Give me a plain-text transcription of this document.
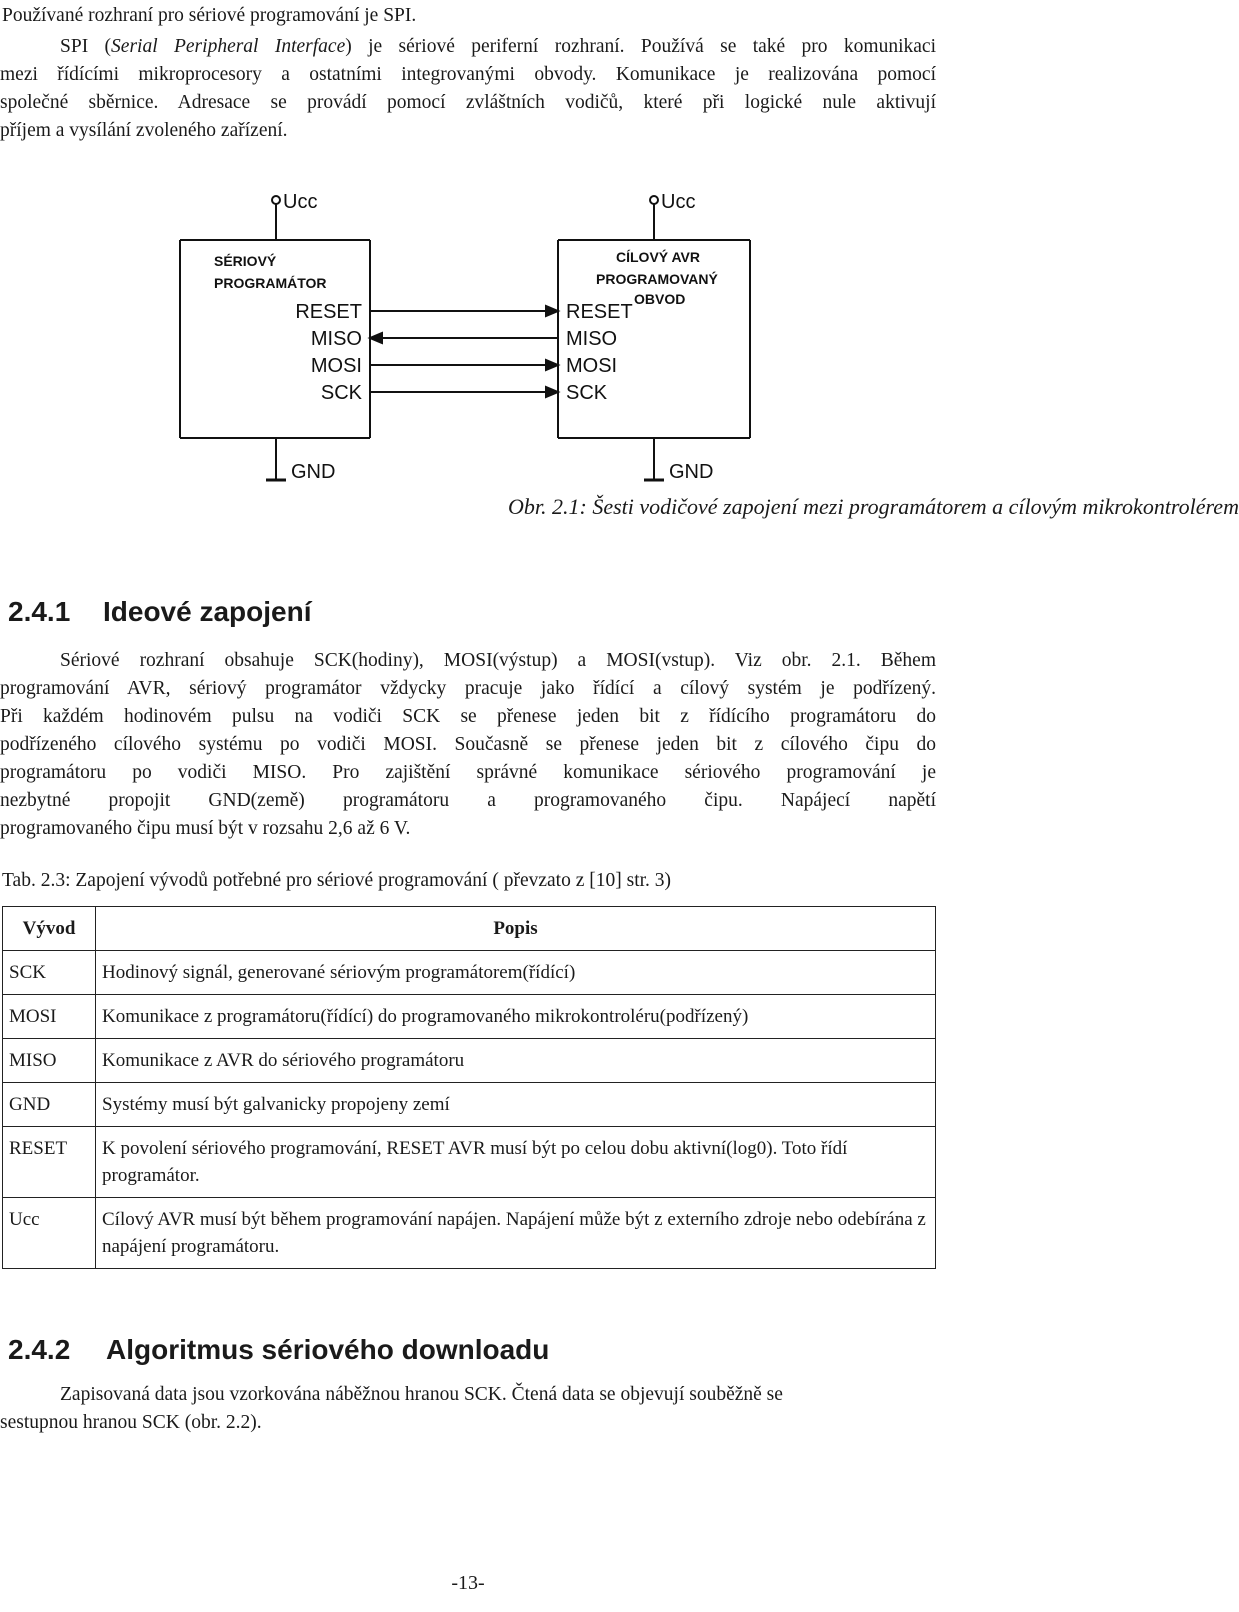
Používané rozhraní pro sériové programování je SPI.
SPI (Serial Peripheral Interface) je sériové periferní rozhraní. Používá se také pro komunikaci
mezi řídícími mikroprocesory a ostatními integrovanými obvody. Komunikace je realizována pomocí
společné sběrnice. Adresace se provádí pomocí zvláštních vodičů, které při logické nule aktivují
příjem a vysílání zvoleného zařízení.
Ucc	Ucc
SÉRIOVÝ
PROGRAMÁTOR
CÍLOVÝ AVR
PROGRAMOVANÝ
OBVOD
RESET
MISO
MOSI
SCK
RESET
MISO
MOSI
SCK
GND	GND
Obr. 2.1: Šesti vodičové zapojení mezi programátorem a cílovým mikrokontrolérem
2.4.1 Ideové zapojení
Sériové rozhraní obsahuje SCK(hodiny), MOSI(výstup) a MOSI(vstup). Viz obr. 2.1. Během
programování AVR, sériový programátor vždycky pracuje jako řídící a cílový systém je podřízený.
Při každém hodinovém pulsu na vodiči SCK se přenese jeden bit z řídícího programátoru do
podřízeného cílového systému po vodiči MOSI. Současně se přenese jeden bit z cílového čipu do
programátoru po vodiči MISO. Pro zajištění správné komunikace sériového programování je
nezbytné propojit GND(země) programátoru a programovaného čipu. Napájecí napětí
programovaného čipu musí být v rozsahu 2,6 až 6 V.
Tab. 2.3: Zapojení vývodů potřebné pro sériové programování ( převzato z [10] str. 3)
Vývod	Popis
SCK	Hodinový signál, generované sériovým programátorem(řídící)
MOSI	Komunikace z programátoru(řídící) do programovaného mikrokontroléru(podřízený)
MISO	Komunikace z AVR do sériového programátoru
GND	Systémy musí být galvanicky propojeny zemí
RESET	K povolení sériového programování, RESET AVR musí být po celou dobu aktivní(log0). Toto řídí programátor.
Ucc	Cílový AVR musí být během programování napájen. Napájení může být z externího zdroje nebo odebírána z napájení programátoru.
2.4.2 Algoritmus sériového downloadu
Zapisovaná data jsou vzorkována náběžnou hranou SCK. Čtená data se objevují souběžně se
sestupnou hranou SCK (obr. 2.2).
-13-
